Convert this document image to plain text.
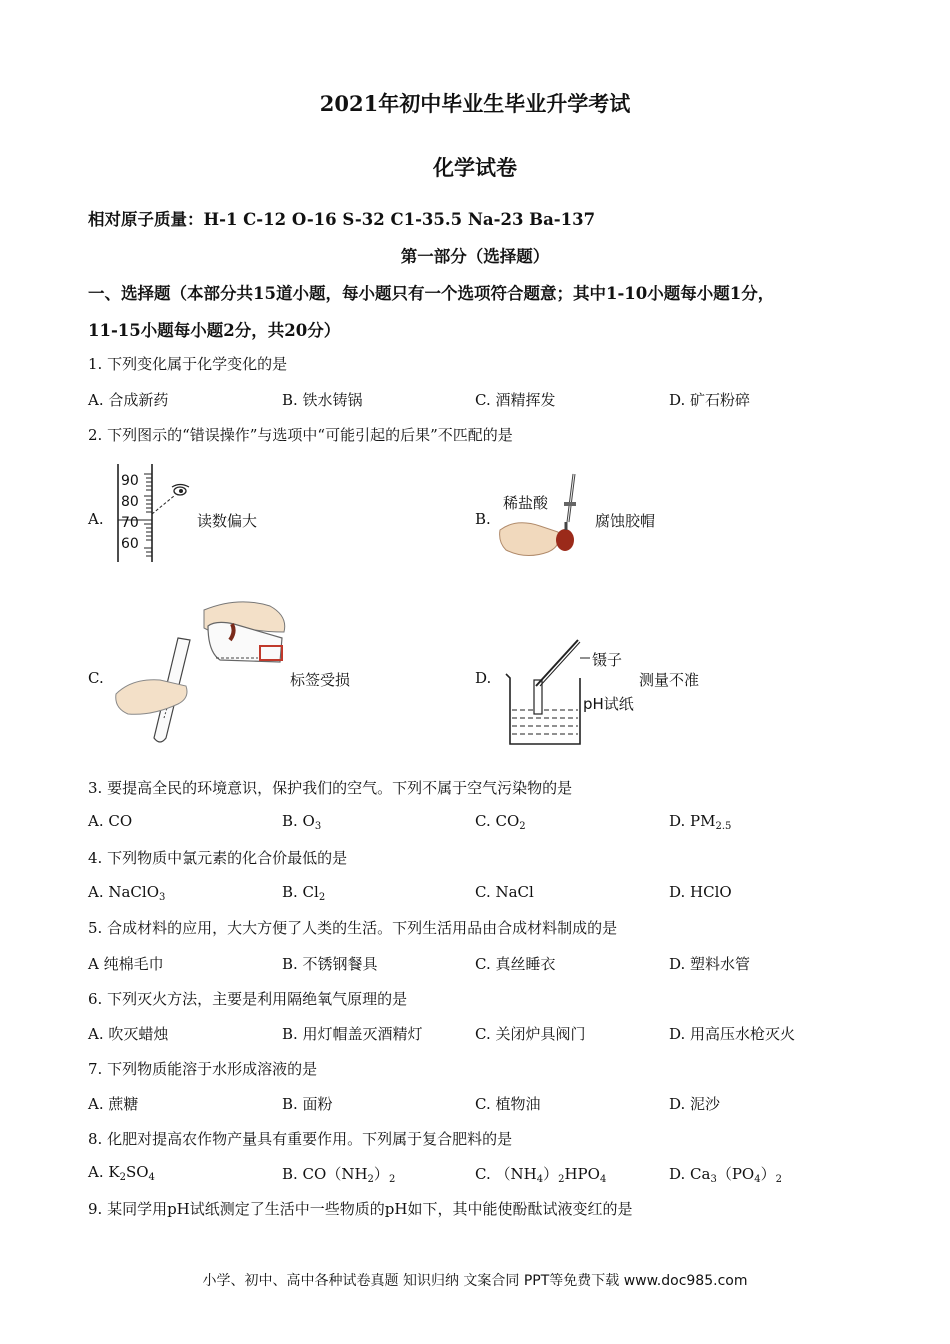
2021年初中毕业生毕业升学考试
化学试卷
相对原子质量：H-1 C-12 O-16 S-32 C1-35.5 Na-23 Ba-137
第一部分（选择题）
一、选择题（本部分共15道小题，每小题只有一个选项符合题意；其中1-10小题每小题1分，
11-15小题每小题2分，共20分）
1. 下列变化属于化学变化的是
A. 合成新药	B. 铁水铸锅	C. 酒精挥发	D. 矿石粉碎
2. 下列图示的“错误操作”与选项中“可能引起的后果”不匹配的是
A.
90
80
70
60
读数偏大	B.
稀盐酸
腐蚀胶帽
C.	标签受损	D.
镊子
pH试纸
测量不准
3. 要提高全民的环境意识，保护我们的空气。下列不属于空气污染物的是
A. CO	B. $O_3$	C. $CO_2$	D. $PM_{2.5}$
4. 下列物质中氯元素的化合价最低的是
A. NaClO$_3$	B. $Cl_2$	C. NaCl	D. HClO
5. 合成材料的应用，大大方便了人类的生活。下列生活用品由合成材料制成的是
A 纯棉毛巾	B. 不锈钢餐具	C. 真丝睡衣	D. 塑料水管
6. 下列灭火方法，主要是利用隔绝氧气原理的是
A. 吹灭蜡烛	B. 用灯帽盖灭酒精灯	C. 关闭炉具阀门	D. 用高压水枪灭火
7. 下列物质能溶于水形成溶液的是
A. 蔗糖	B. 面粉	C. 植物油	D. 泥沙
8. 化肥对提高农作物产量具有重要作用。下列属于复合肥料的是
A. $K_2SO_4$	B. $CO(NH_2)_2$	C. $(NH_4)_2HPO_4$	D. $Ca_3(PO_4)_2$
9. 某同学用pH试纸测定了生活中一些物质的pH如下，其中能使酚酞试液变红的是
小学、初中、高中各种试卷真题 知识归纳 文案合同 PPT等免费下载 www.doc985.com
